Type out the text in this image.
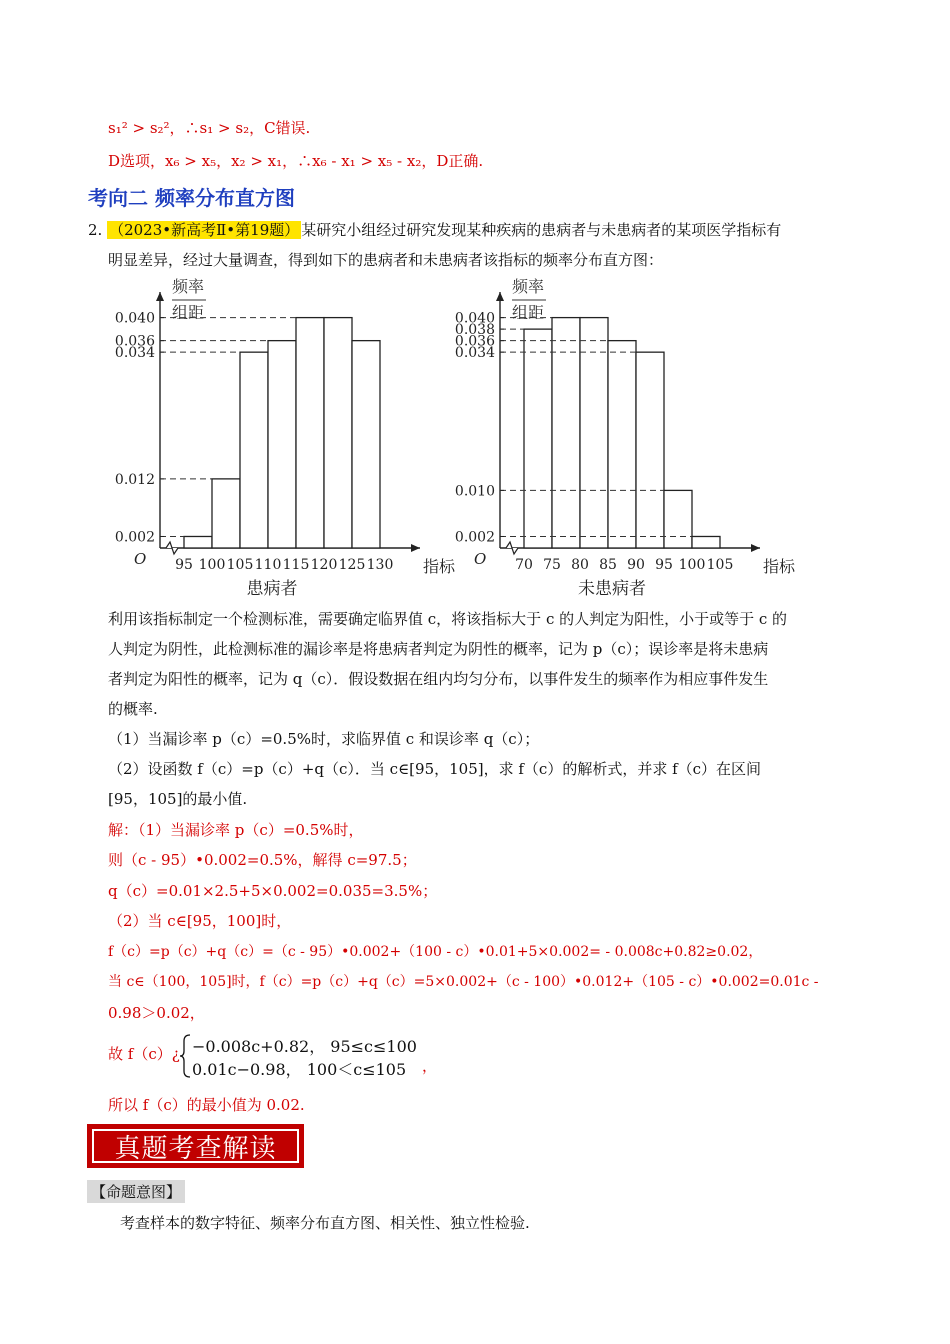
s₁² > s₂²，∴s₁ > s₂，C错误.
D选项，x₆ > x₅，x₂ > x₁，∴x₆ - x₁ > x₅ - x₂，D正确.
考向二 频率分布直方图
2. （2023•新高考Ⅱ•第19题） 某研究小组经过研究发现某种疾病的患病者与未患病者的某项医学指标有
明显差异，经过大量调查，得到如下的患病者和未患病者该指标的频率分布直方图：
频率
组距
O
0.040
0.036
0.034
0.012
0.002
95 100 105 110 115 120 125 130 指标
患病者
频率
组距
O
0.040
0.038
0.036
0.034
0.010
0.002
70 75 80 85 90 95 100 105 指标
未患病者
利用该指标制定一个检测标准，需要确定临界值 c，将该指标大于 c 的人判定为阳性，小于或等于 c 的
人判定为阴性，此检测标准的漏诊率是将患病者判定为阴性的概率，记为 p（c）；误诊率是将未患病
者判定为阳性的概率，记为 q（c）．假设数据在组内均匀分布，以事件发生的频率作为相应事件发生
的概率.
（1）当漏诊率 p（c）=0.5%时，求临界值 c 和误诊率 q（c）；
（2）设函数 f（c）=p（c）+q（c）．当 c∈[95，105]，求 f（c）的解析式，并求 f（c）在区间
[95，105]的最小值.
解：（1）当漏诊率 p（c）=0.5%时，
则（c - 95）•0.002=0.5%，解得 c=97.5；
q（c）=0.01×2.5+5×0.002=0.035=3.5%；
（2）当 c∈[95，100]时，
f（c）=p（c）+q（c）=（c - 95）•0.002+（100 - c）•0.01+5×0.002= - 0.008c+0.82≥0.02，
当 c∈（100，105]时，f（c）=p（c）+q（c）=5×0.002+（c - 100）•0.012+（105 - c）•0.002=0.01c -
0.98＞0.02，
故 f（c）¿ −0.008c+0.82， 95≤c≤100
0.01c−0.98， 100＜c≤105 ，
所以 f（c）的最小值为 0.02.
真题考查解读
【命题意图】
考查样本的数字特征、频率分布直方图、相关性、独立性检验.
